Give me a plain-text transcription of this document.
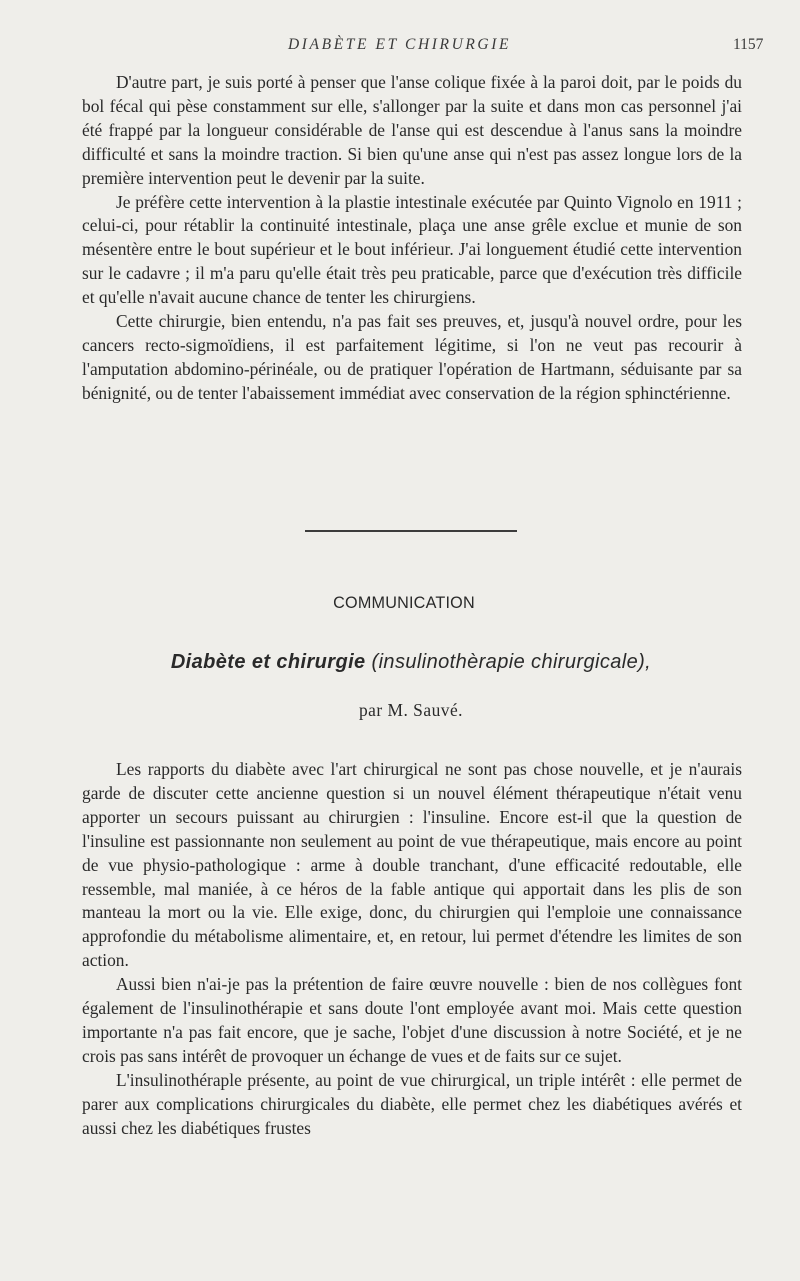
DIABÈTE ET CHIRURGIE	1157

D'autre part, je suis porté à penser que l'anse colique fixée à la paroi doit, par le poids du bol fécal qui pèse constamment sur elle, s'allonger par la suite et dans mon cas personnel j'ai été frappé par la longueur considérable de l'anse qui est descendue à l'anus sans la moindre difficulté et sans la moindre traction. Si bien qu'une anse qui n'est pas assez longue lors de la première intervention peut le devenir par la suite.

Je préfère cette intervention à la plastie intestinale exécutée par Quinto Vignolo en 1911 ; celui-ci, pour rétablir la continuité intestinale, plaça une anse grêle exclue et munie de son mésentère entre le bout supérieur et le bout inférieur. J'ai longuement étudié cette intervention sur le cadavre ; il m'a paru qu'elle était très peu praticable, parce que d'exécution très difficile et qu'elle n'avait aucune chance de tenter les chirurgiens.

Cette chirurgie, bien entendu, n'a pas fait ses preuves, et, jusqu'à nouvel ordre, pour les cancers recto-sigmoïdiens, il est parfaitement légitime, si l'on ne veut pas recourir à l'amputation abdomino-périnéale, ou de pratiquer l'opération de Hartmann, séduisante par sa bénignité, ou de tenter l'abaissement immédiat avec conservation de la région sphinctérienne.

COMMUNICATION
Diabète et chirurgie (insulinothèrapie chirurgicale),
par M. Sauvé.

Les rapports du diabète avec l'art chirurgical ne sont pas chose nouvelle, et je n'aurais garde de discuter cette ancienne question si un nouvel élément thérapeutique n'était venu apporter un secours puissant au chirurgien : l'insuline. Encore est-il que la question de l'insuline est passionnante non seulement au point de vue thérapeutique, mais encore au point de vue physio-pathologique : arme à double tranchant, d'une efficacité redoutable, elle ressemble, mal maniée, à ce héros de la fable antique qui apportait dans les plis de son manteau la mort ou la vie. Elle exige, donc, du chirurgien qui l'emploie une connaissance approfondie du métabolisme alimentaire, et, en retour, lui permet d'étendre les limites de son action.

Aussi bien n'ai-je pas la prétention de faire œuvre nouvelle : bien de nos collègues font également de l'insulinothérapie et sans doute l'ont employée avant moi. Mais cette question importante n'a pas fait encore, que je sache, l'objet d'une discussion à notre Société, et je ne crois pas sans intérêt de provoquer un échange de vues et de faits sur ce sujet.

L'insulinothéraple présente, au point de vue chirurgical, un triple intérêt : elle permet de parer aux complications chirurgicales du diabète, elle permet chez les diabétiques avérés et aussi chez les diabétiques frustes
